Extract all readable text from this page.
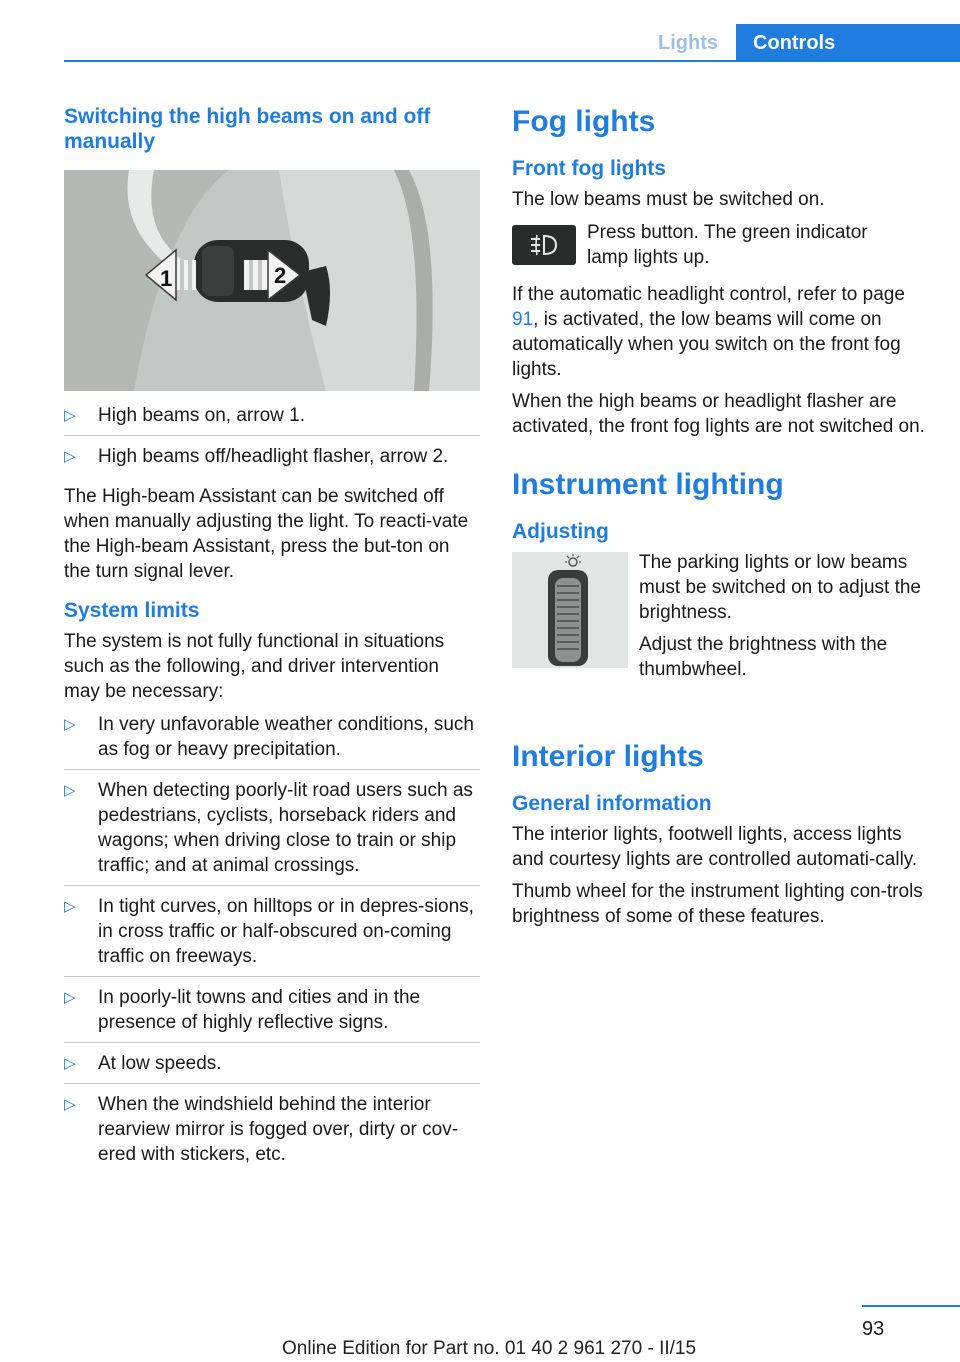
Lights	Controls
Switching the high beams on and off manually
1	2
▷ High beams on, arrow 1.
▷ High beams off/headlight flasher, arrow 2.

The High-beam Assistant can be switched off when manually adjusting the light. To reacti‐vate the High-beam Assistant, press the but‐ton on the turn signal lever.

System limits

The system is not fully functional in situations such as the following, and driver intervention may be necessary:

▷ In very unfavorable weather conditions, such as fog or heavy precipitation.
▷ When detecting poorly-lit road users such as pedestrians, cyclists, horseback riders and wagons; when driving close to train or ship traffic; and at animal crossings.
▷ In tight curves, on hilltops or in depres‐sions, in cross traffic or half-obscured on‐coming traffic on freeways.
▷ In poorly-lit towns and cities and in the presence of highly reflective signs.
▷ At low speeds.
▷ When the windshield behind the interior rearview mirror is fogged over, dirty or cov‐ered with stickers, etc.
Fog lights
Front fog lights

The low beams must be switched on.

Press button. The green indicator lamp lights up.

If the automatic headlight control, refer to page 91, is activated, the low beams will come on automatically when you switch on the front fog lights.

When the high beams or headlight flasher are activated, the front fog lights are not switched on.

Instrument lighting
Adjusting

The parking lights or low beams must be switched on to adjust the brightness.

Adjust the brightness with the thumbwheel.

Interior lights
General information

The interior lights, footwell lights, access lights and courtesy lights are controlled automati‐cally.

Thumb wheel for the instrument lighting con‐trols brightness of some of these features.

93
Online Edition for Part no. 01 40 2 961 270 - II/15
